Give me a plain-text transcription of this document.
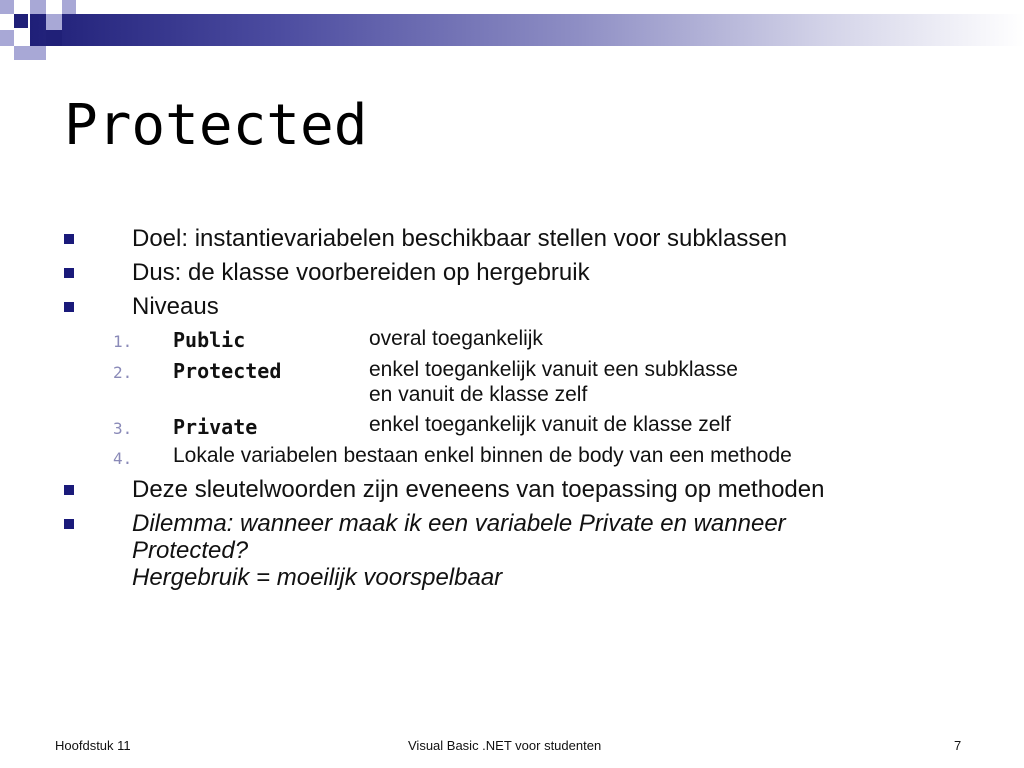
Protected
Doel: instantievariabelen beschikbaar stellen voor subklassen
Dus: de klasse voorbereiden op hergebruik
Niveaus
1. Public	overal toegankelijk
2. Protected	enkel toegankelijk vanuit een subklasse
en vanuit de klasse zelf
3. Private	enkel toegankelijk vanuit de klasse zelf
4. Lokale variabelen bestaan enkel binnen de body van een methode
Deze sleutelwoorden zijn eveneens van toepassing op methoden
Dilemma: wanneer maak ik een variabele Private en wanneer
Protected?
Hergebruik = moeilijk voorspelbaar
Hoofdstuk 11	Visual Basic .NET voor studenten	7
